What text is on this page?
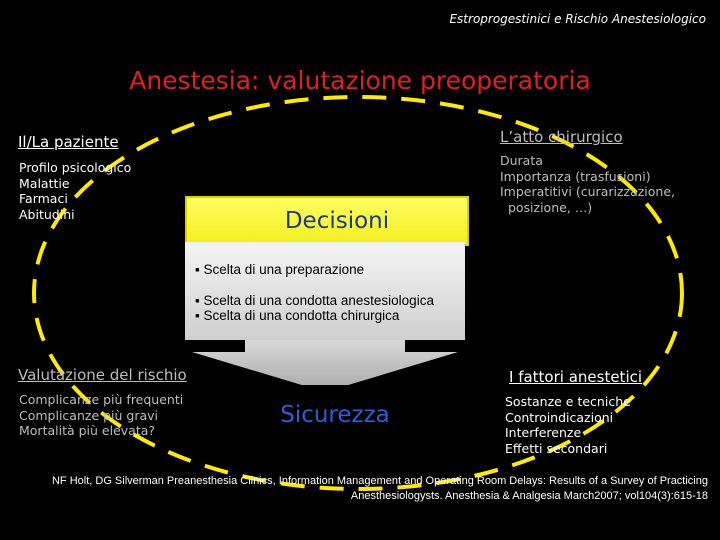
Estroprogestinici e Rischio Anestesiologico
Anestesia: valutazione preoperatoria
Il/La paziente
Profilo psicologico
Malattie
Farmaci
Abitudini
L’atto chirurgico
Durata
Importanza (trasfusioni)
Imperatitivi (curarizzazione,
posizione, …)
Decisioni
▪ Scelta di una preparazione
▪ Scelta di una condotta anestesiologica
▪ Scelta di una condotta chirurgica
Valutazione del rischio
Complicanze più frequenti
Complicanze più gravi
Mortalità più elevata?
Sicurezza
I fattori anestetici
Sostanze e tecniche
Controindicazioni
Interferenze
Effetti secondari
NF Holt, DG Silverman Preanesthesia Clinics, Information Management and Operating Room Delays: Results of a Survey of Practicing
Anesthesiologysts. Anesthesia & Analgesia March2007; vol104(3):615-18
